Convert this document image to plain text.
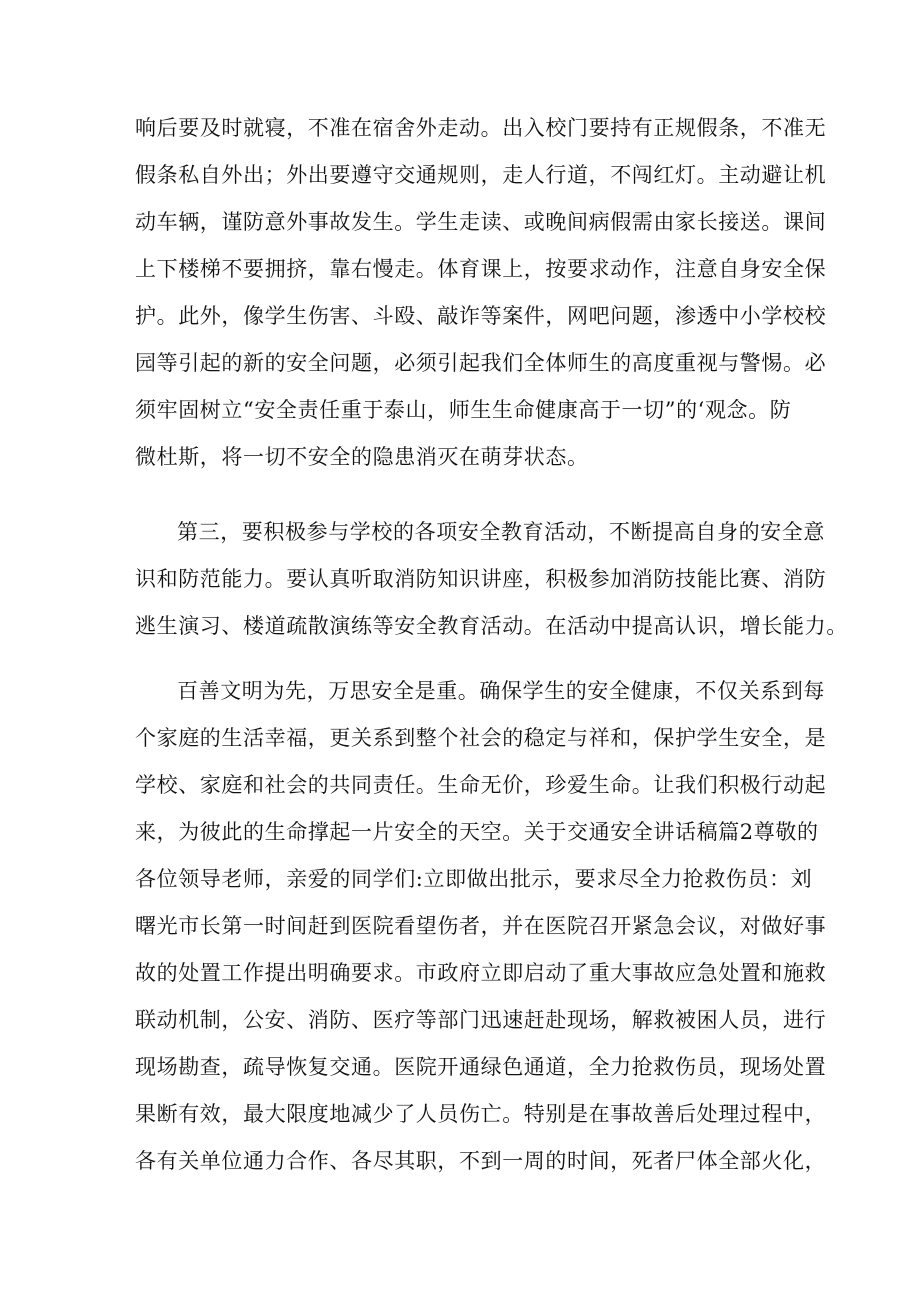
响后要及时就寝，不准在宿舍外走动。出入校门要持有正规假条，不准无
假条私自外出；外出要遵守交通规则，走人行道，不闯红灯。主动避让机
动车辆，谨防意外事故发生。学生走读、或晚间病假需由家长接送。课间
上下楼梯不要拥挤，靠右慢走。体育课上，按要求动作，注意自身安全保
护。此外，像学生伤害、斗殴、敲诈等案件，网吧问题，渗透中小学校校
园等引起的新的安全问题，必须引起我们全体师生的高度重视与警惕。必
须牢固树立“安全责任重于泰山，师生生命健康高于一切”的‘观念。防
微杜斯，将一切不安全的隐患消灭在萌芽状态。
第三，要积极参与学校的各项安全教育活动，不断提高自身的安全意
识和防范能力。要认真听取消防知识讲座，积极参加消防技能比赛、消防
逃生演习、楼道疏散演练等安全教育活动。在活动中提高认识，增长能力。
百善文明为先，万思安全是重。确保学生的安全健康，不仅关系到每
个家庭的生活幸福，更关系到整个社会的稳定与祥和，保护学生安全，是
学校、家庭和社会的共同责任。生命无价，珍爱生命。让我们积极行动起
来，为彼此的生命撑起一片安全的天空。关于交通安全讲话稿篇2尊敬的
各位领导老师，亲爱的同学们:立即做出批示，要求尽全力抢救伤员：刘
曙光市长第一时间赶到医院看望伤者，并在医院召开紧急会议，对做好事
故的处置工作提出明确要求。市政府立即启动了重大事故应急处置和施救
联动机制，公安、消防、医疗等部门迅速赶赴现场，解救被困人员，进行
现场勘查，疏导恢复交通。医院开通绿色通道，全力抢救伤员，现场处置
果断有效，最大限度地减少了人员伤亡。特别是在事故善后处理过程中，
各有关单位通力合作、各尽其职，不到一周的时间，死者尸体全部火化，
